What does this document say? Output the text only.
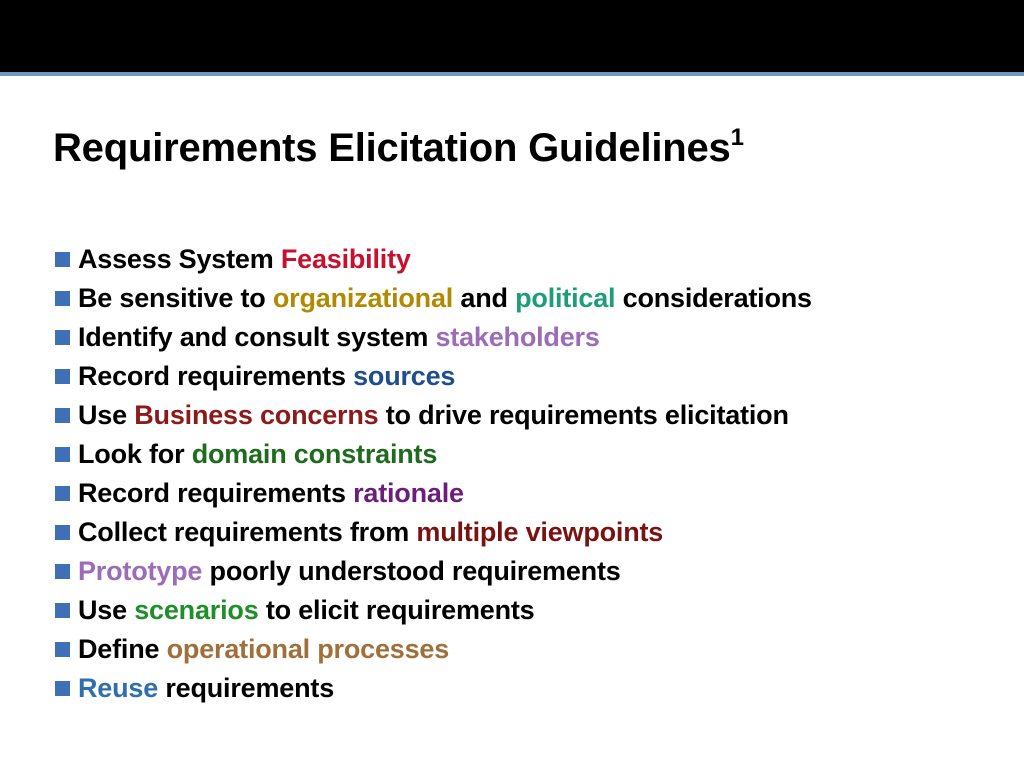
Requirements Elicitation Guidelines$^1$
Assess System Feasibility
Be sensitive to organizational and political considerations
Identify and consult system stakeholders
Record requirements sources
Use Business concerns to drive requirements elicitation
Look for domain constraints
Record requirements rationale
Collect requirements from multiple viewpoints
Prototype poorly understood requirements
Use scenarios to elicit requirements
Define operational processes
Reuse requirements
